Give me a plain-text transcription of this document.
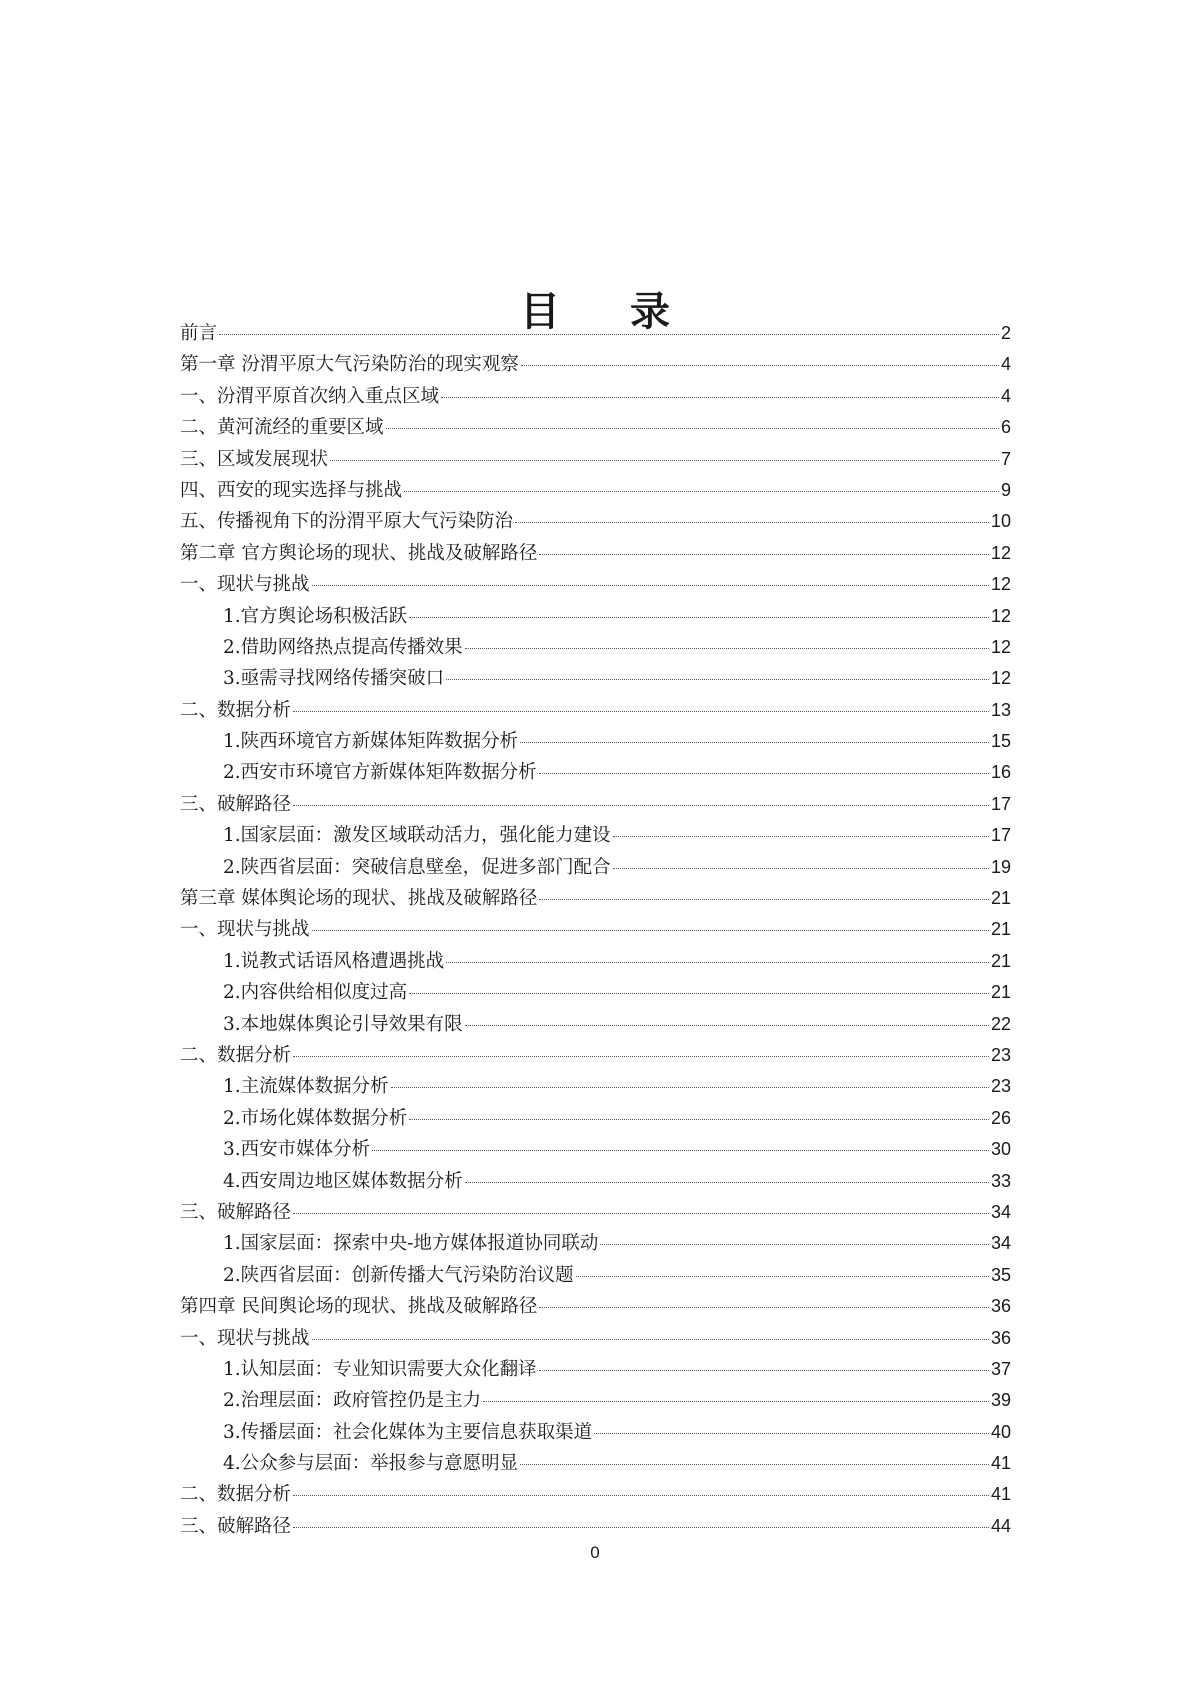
目 录
前言	2
第一章 汾渭平原大气污染防治的现实观察	4
一、汾渭平原首次纳入重点区域	4
二、黄河流经的重要区域	6
三、区域发展现状	7
四、西安的现实选择与挑战	9
五、传播视角下的汾渭平原大气污染防治	10
第二章 官方舆论场的现状、挑战及破解路径	12
一、现状与挑战	12
1.官方舆论场积极活跃	12
2.借助网络热点提高传播效果	12
3.亟需寻找网络传播突破口	12
二、数据分析	13
1.陕西环境官方新媒体矩阵数据分析	15
2.西安市环境官方新媒体矩阵数据分析	16
三、破解路径	17
1.国家层面：激发区域联动活力，强化能力建设	17
2.陕西省层面：突破信息壁垒，促进多部门配合	19
第三章 媒体舆论场的现状、挑战及破解路径	21
一、现状与挑战	21
1.说教式话语风格遭遇挑战	21
2.内容供给相似度过高	21
3.本地媒体舆论引导效果有限	22
二、数据分析	23
1.主流媒体数据分析	23
2.市场化媒体数据分析	26
3.西安市媒体分析	30
4.西安周边地区媒体数据分析	33
三、破解路径	34
1.国家层面：探索中央-地方媒体报道协同联动	34
2.陕西省层面：创新传播大气污染防治议题	35
第四章 民间舆论场的现状、挑战及破解路径	36
一、现状与挑战	36
1.认知层面：专业知识需要大众化翻译	37
2.治理层面：政府管控仍是主力	39
3.传播层面：社会化媒体为主要信息获取渠道	40
4.公众参与层面：举报参与意愿明显	41
二、数据分析	41
三、破解路径	44
0
